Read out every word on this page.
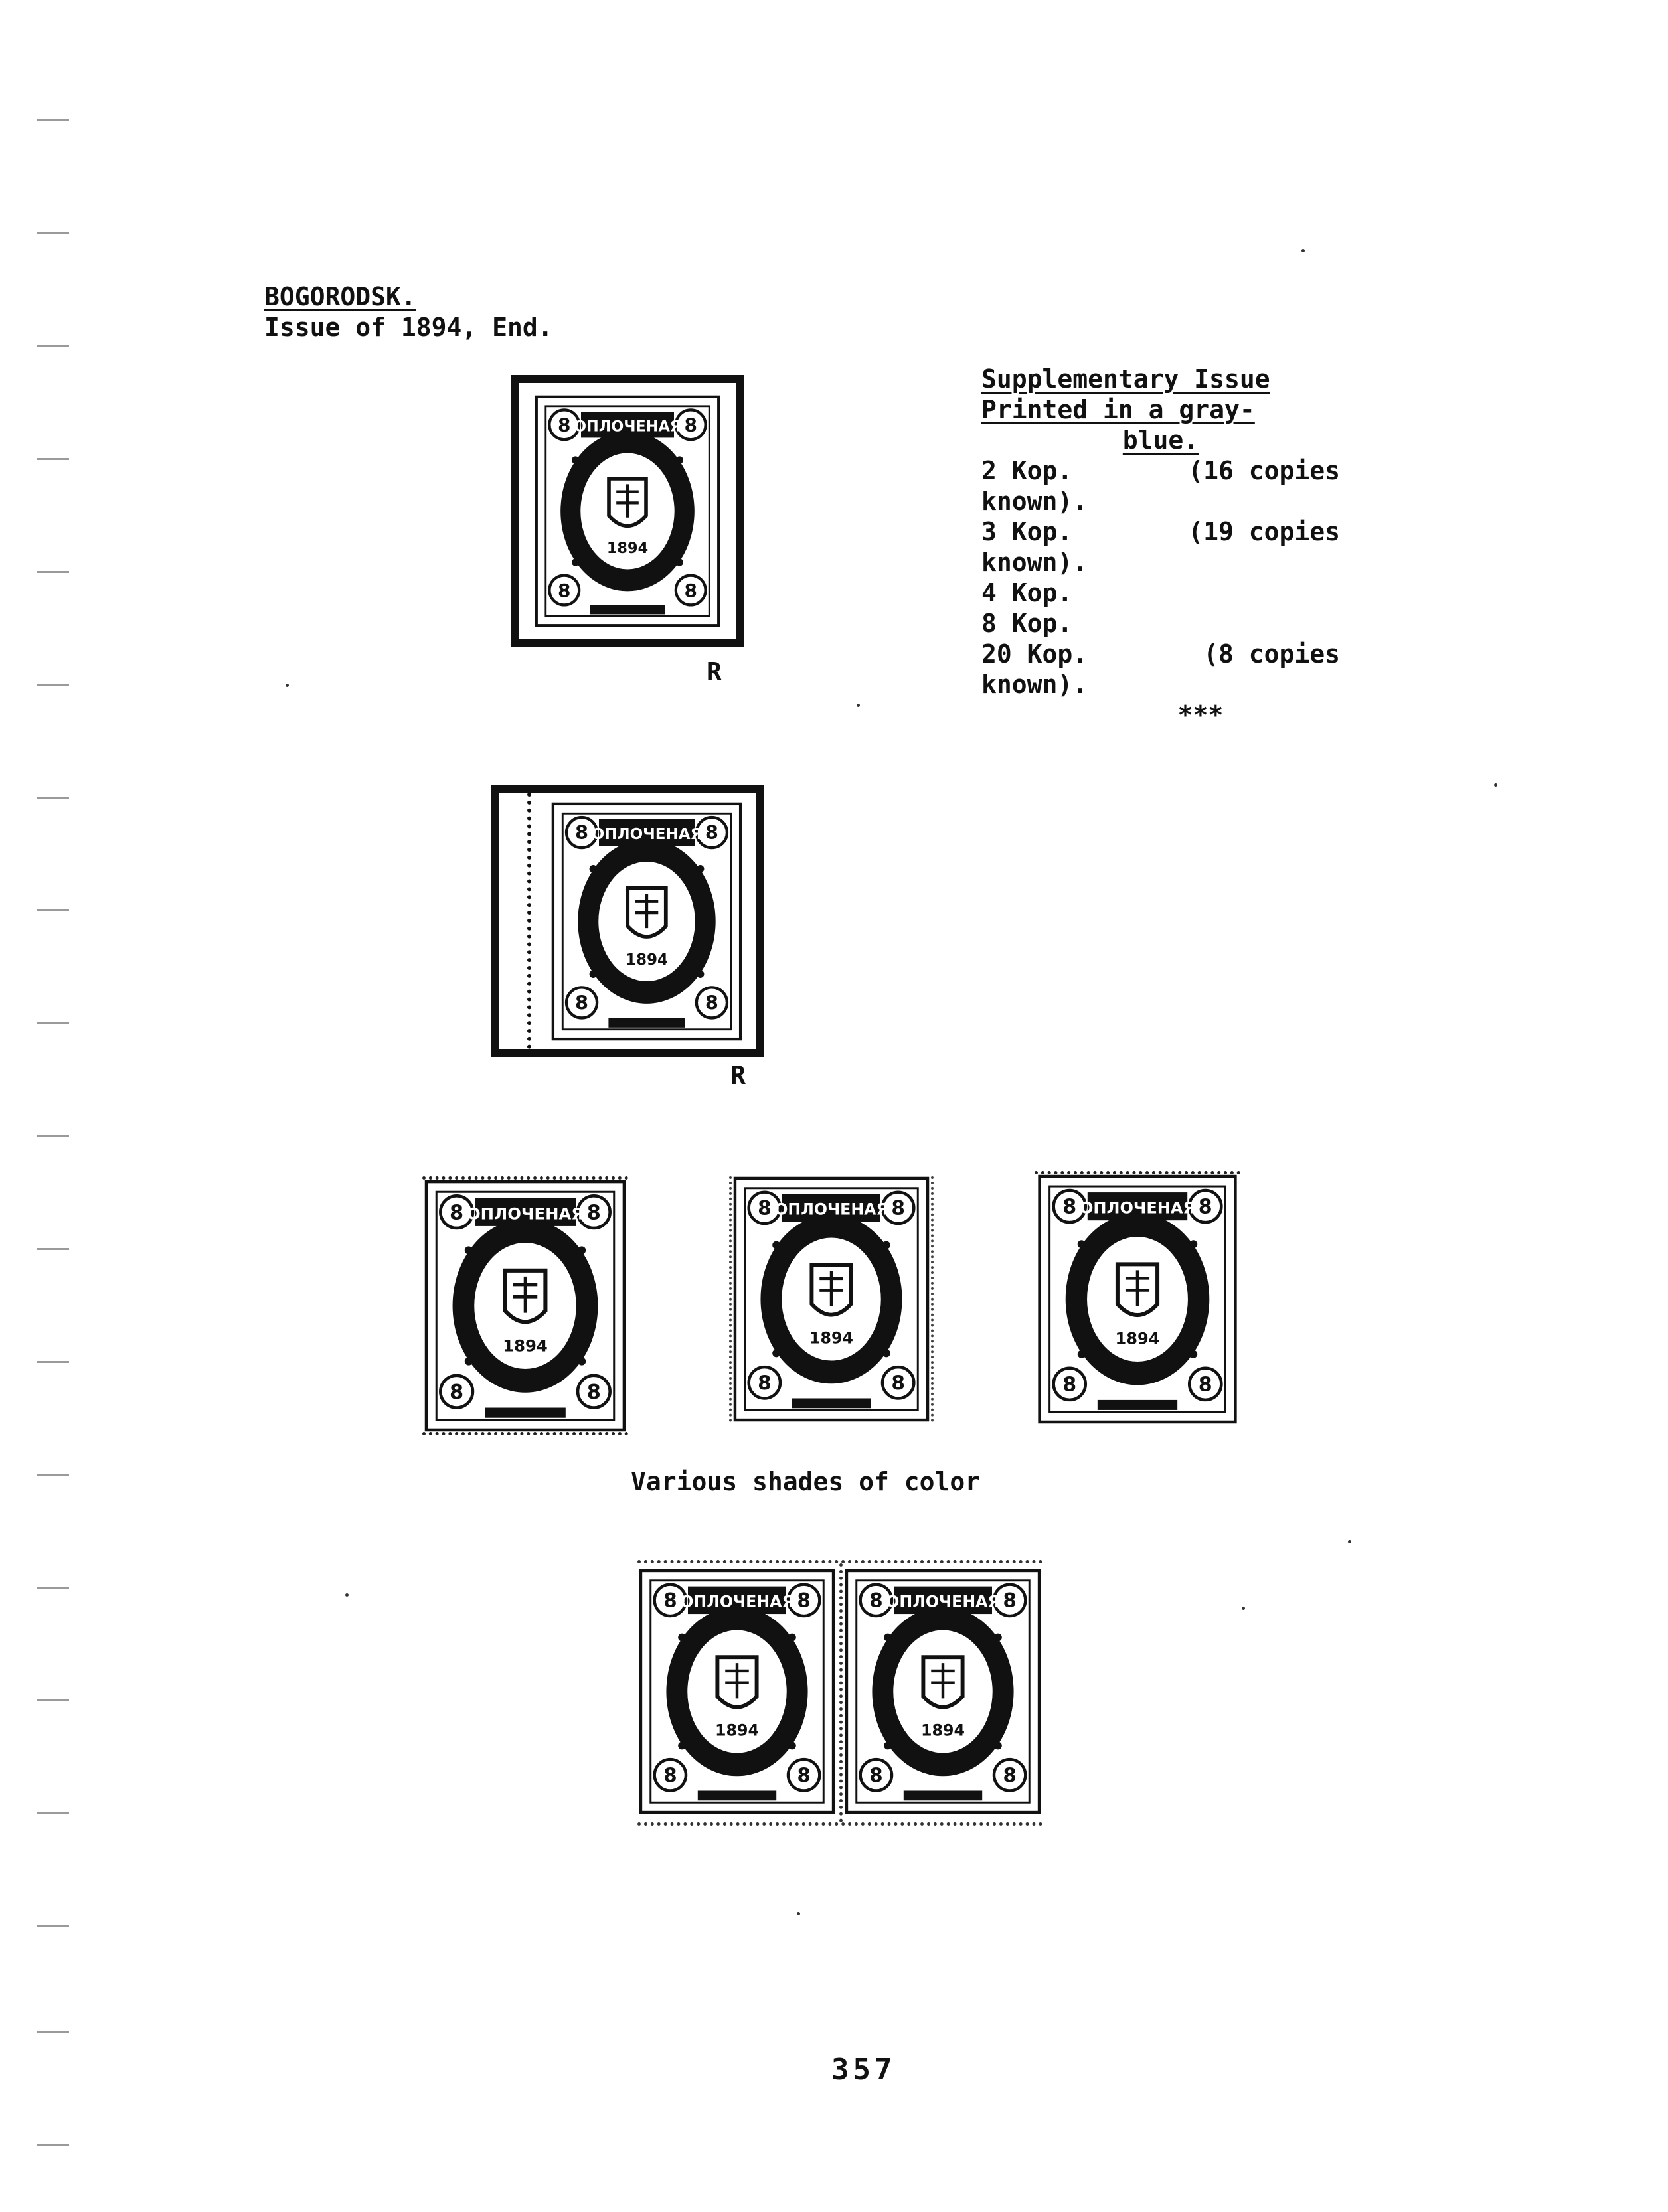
BOGORODSK.
Issue of 1894, End.
Supplementary Issue
Printed in a gray-
blue.
2 Kop.	(16 copies
known).
3 Kop.	(19 copies
known).
4 Kop.
8 Kop.
20 Kop.	(8 copies
known).
***
R
R
Various shades of color
357
